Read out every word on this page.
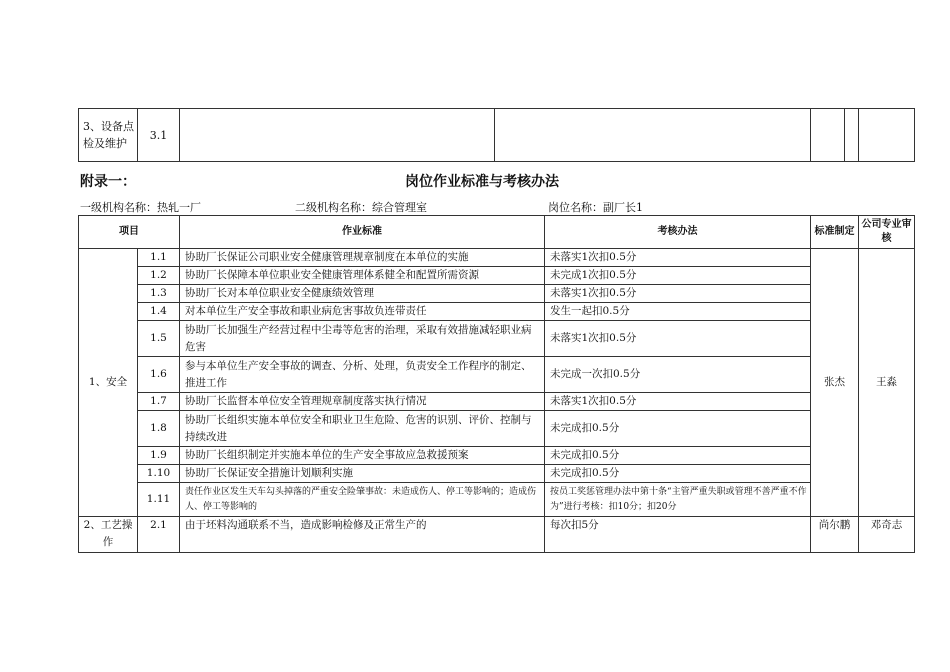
3、设备点检及维护	3.1					
附录一：	岗位作业标准与考核办法
一级机构名称：热轧一厂	二级机构名称：综合管理室	岗位名称：副厂长1
项目		作业标准	考核办法	标准制定	公司专业审核
1、安全	1.1	协助厂长保证公司职业安全健康管理规章制度在本单位的实施	未落实1次扣0.5分	张杰	王淼
	1.2	协助厂长保障本单位职业安全健康管理体系健全和配置所需资源	未完成1次扣0.5分		
	1.3	协助厂长对本单位职业安全健康绩效管理	未落实1次扣0.5分		
	1.4	对本单位生产安全事故和职业病危害事故负连带责任	发生一起扣0.5分		
	1.5	协助厂长加强生产经营过程中尘毒等危害的治理，采取有效措施减轻职业病危害	未落实1次扣0.5分		
	1.6	参与本单位生产安全事故的调查、分析、处理，负责安全工作程序的制定、推进工作	未完成一次扣0.5分		
	1.7	协助厂长监督本单位安全管理规章制度落实执行情况	未落实1次扣0.5分		
	1.8	协助厂长组织实施本单位安全和职业卫生危险、危害的识别、评价、控制与持续改进	未完成扣0.5分		
	1.9	协助厂长组织制定并实施本单位的生产安全事故应急救援预案	未完成扣0.5分		
	1.10	协助厂长保证安全措施计划顺利实施	未完成扣0.5分		
	1.11	责任作业区发生天车勾头掉落的严重安全险肇事故：未造成伤人、停工等影响的；造成伤人、停工等影响的	按员工奖惩管理办法中第十条“主管严重失职或管理不善严重不作为”进行考核：扣10分；扣20分		
2、工艺操作	2.1	由于坯料沟通联系不当，造成影响检修及正常生产的	每次扣5分	尚尔鹏	邓奇志
